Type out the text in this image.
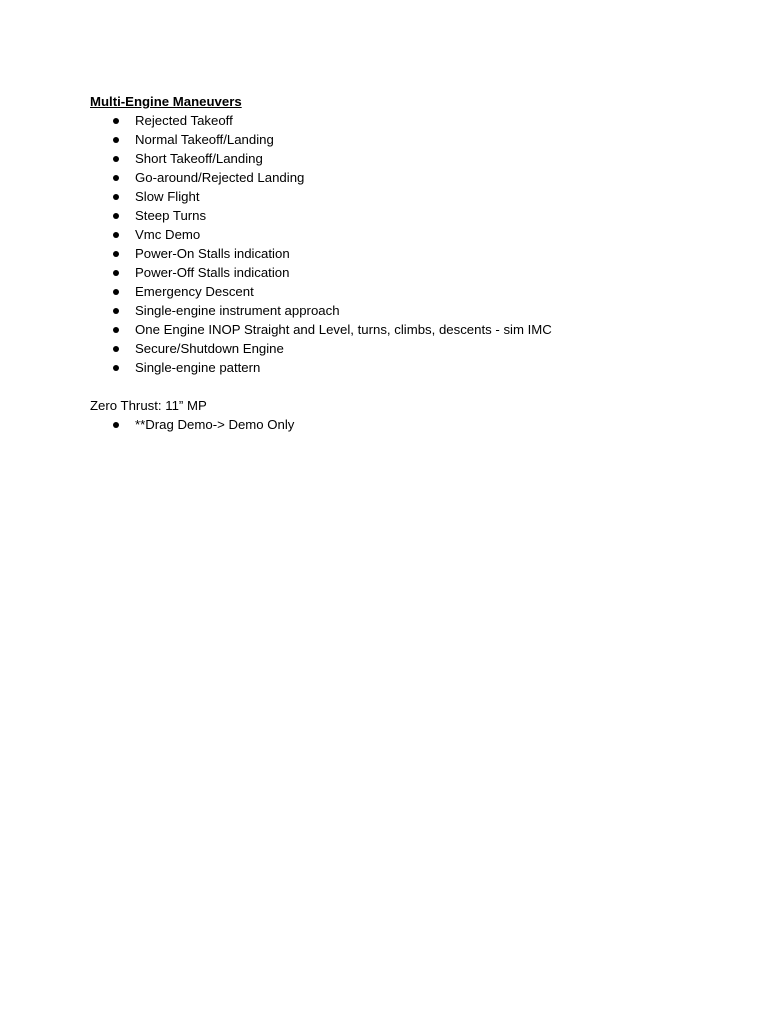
Multi-Engine Maneuvers
Rejected Takeoff
Normal Takeoff/Landing
Short Takeoff/Landing
Go-around/Rejected Landing
Slow Flight
Steep Turns
Vmc Demo
Power-On Stalls indication
Power-Off Stalls indication
Emergency Descent
Single-engine instrument approach
One Engine INOP Straight and Level, turns, climbs, descents - sim IMC
Secure/Shutdown Engine
Single-engine pattern
Zero Thrust: 11” MP
**Drag Demo-> Demo Only
